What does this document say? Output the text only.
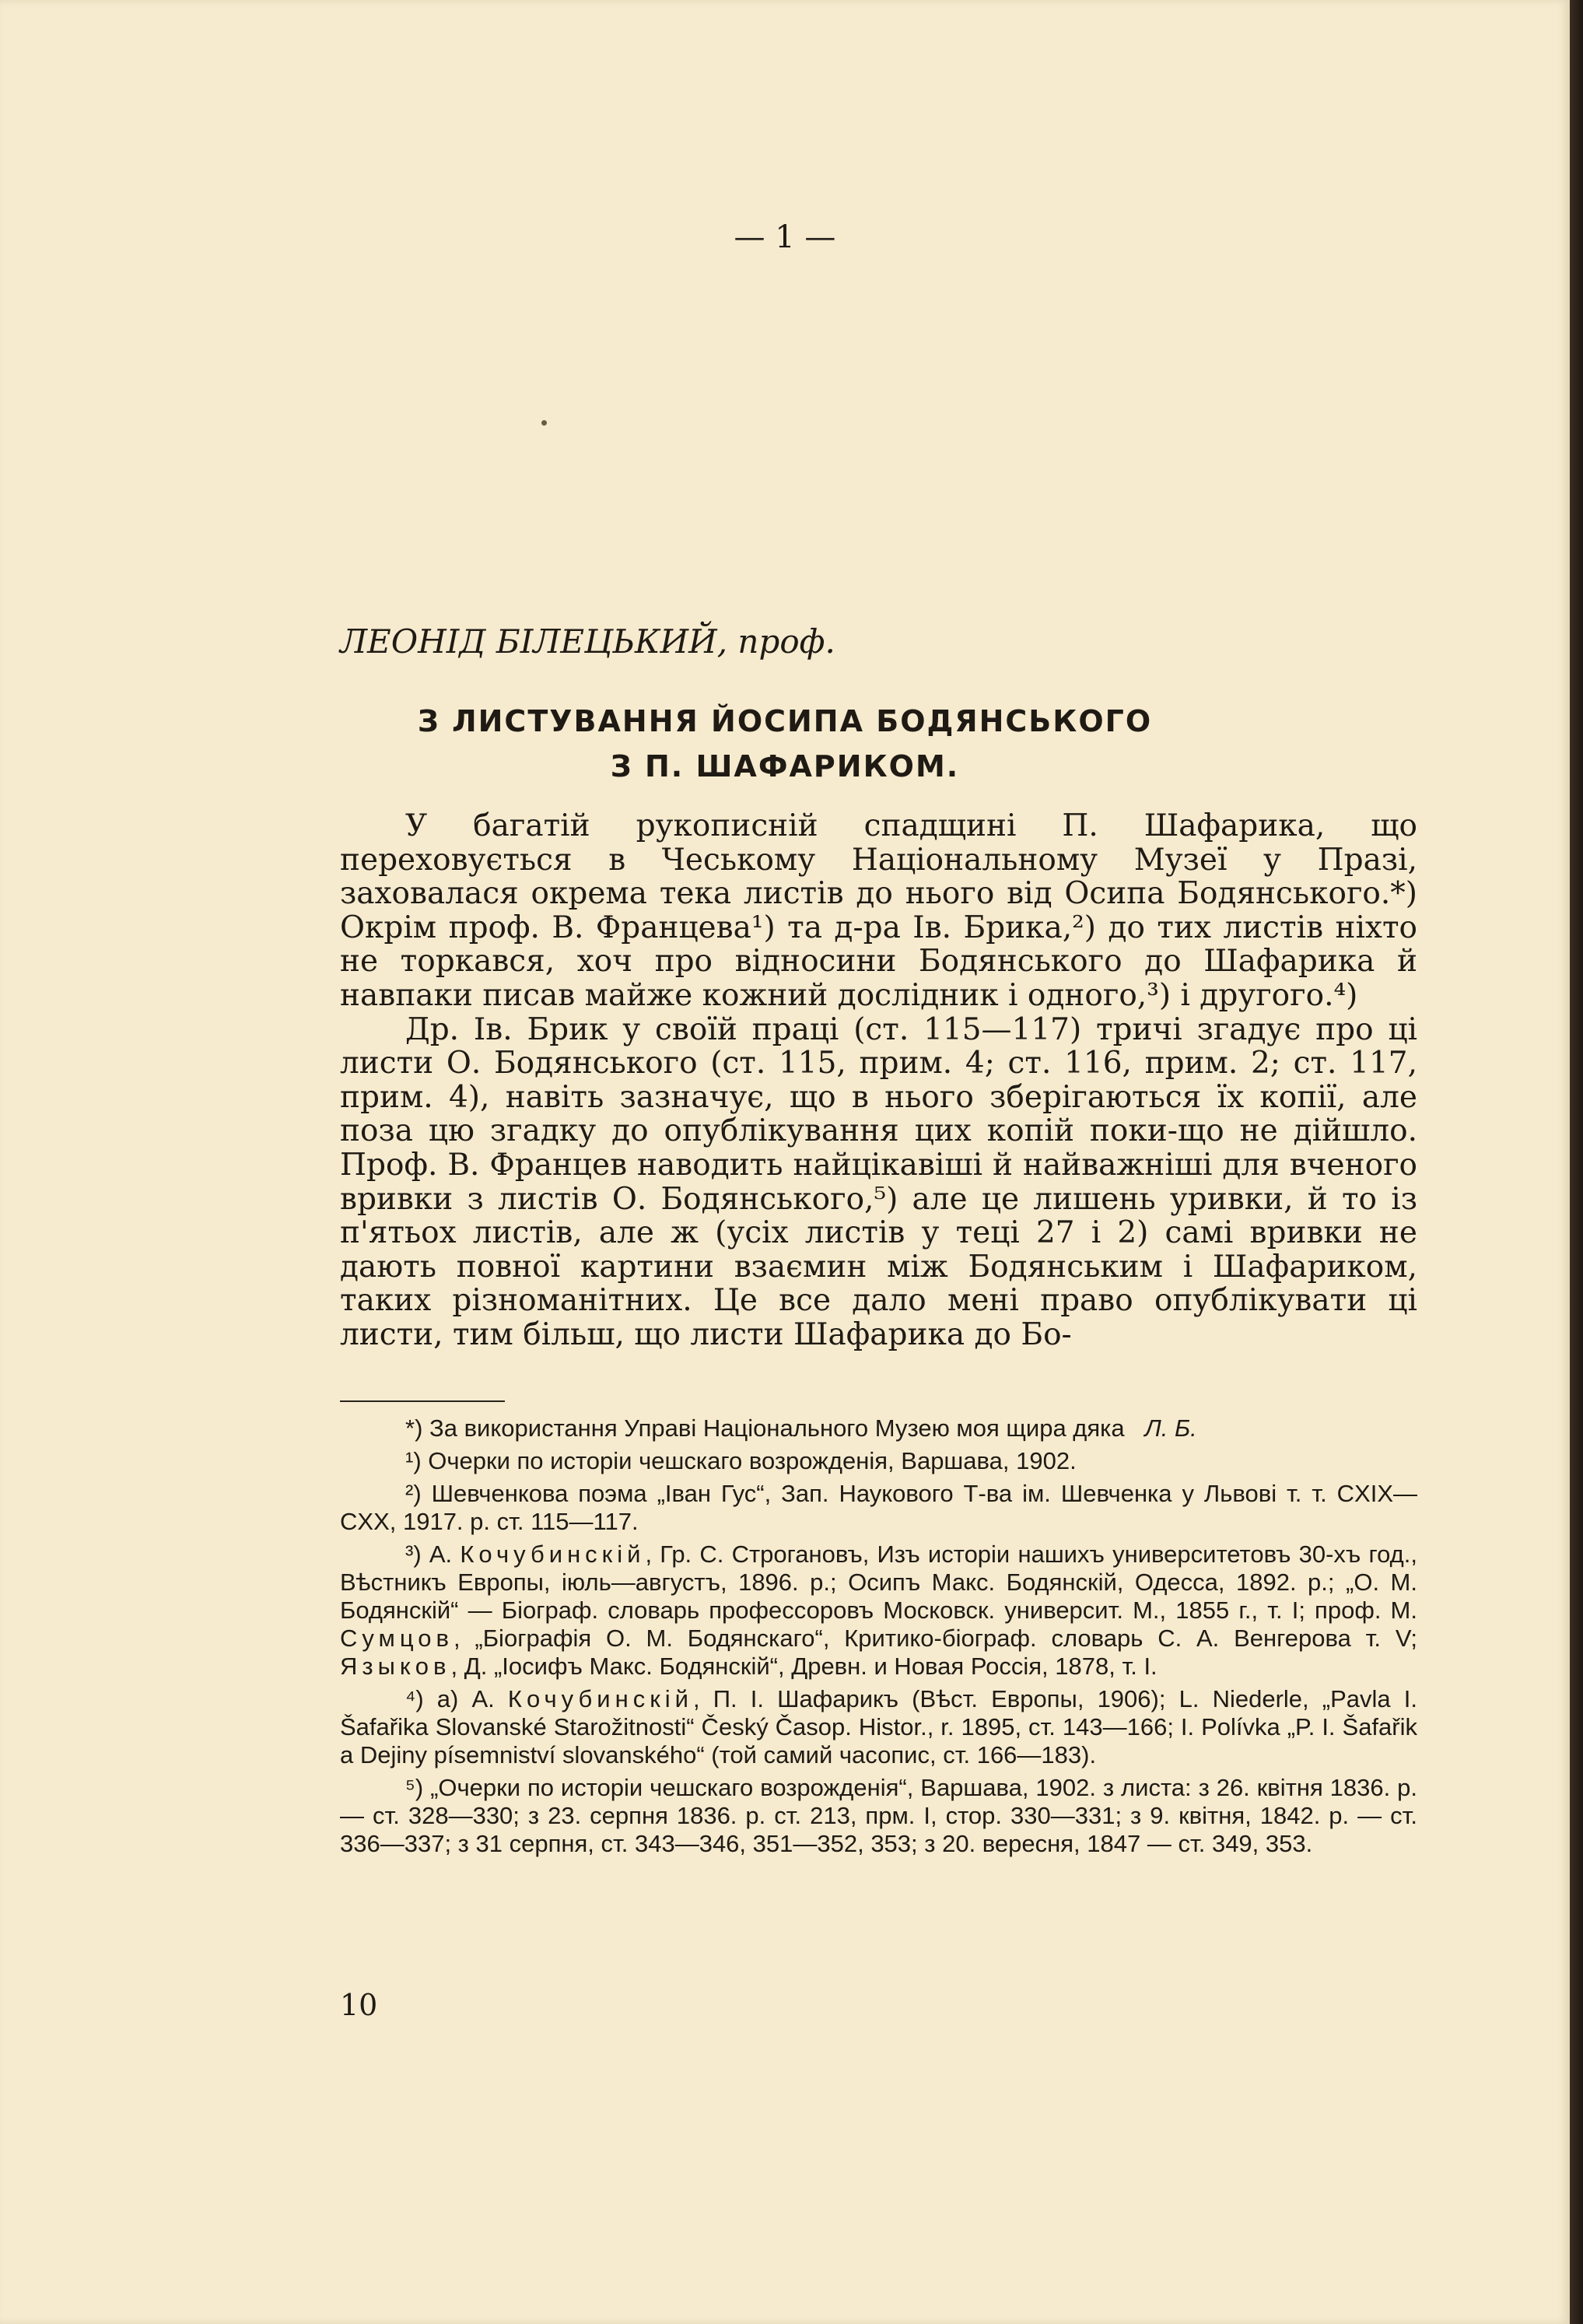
— 1 —
ЛЕОНІД БІЛЕЦЬКИЙ, проф.
З ЛИСТУВАННЯ ЙОСИПА БОДЯНСЬКОГО
З П. ШАФАРИКОМ.

У багатій рукописній спадщині П. Шафарика, що переховується в Чеському Національному Музеї у Празі, заховалася окрема тека листів до нього від Осипа Бодянського.*) Окрім проф. В. Францева¹) та д-ра Ів. Брика,²) до тих листів ніхто не торкався, хоч про відносини Бодянського до Шафарика й навпаки писав майже кожний дослідник і одного,³) і другого.⁴)

Др. Ів. Брик у своїй праці (ст. 115—117) тричі згадує про ці листи О. Бодянського (ст. 115, прим. 4; ст. 116, прим. 2; ст. 117, прим. 4), навіть зазначує, що в нього зберігаються їх копії, але поза цю згадку до опублікування цих копій поки-що не дійшло. Проф. В. Францев наводить найцікавіші й найважніші для вченого вривки з листів О. Бодянського,⁵) але це лишень уривки, й то із п'ятьох листів, але ж (усіх листів у теці 27 і 2) самі вривки не дають повної картини взаємин між Бодянським і Шафариком, таких різноманітних. Це все дало мені право опублікувати ці листи, тим більш, що листи Шафарика до Бо-

*) За використання Управі Національного Музею моя щира дяка Л. Б.

¹) Очерки по исторіи чешскаго возрожденія, Варшава, 1902.

²) Шевченкова поэма „Іван Гус“, Зап. Наукового Т-ва ім. Шевченка у Львові т. т. CXIX—CXX, 1917. р. ст. 115—117.

³) А. Кочубинскій, Гр. С. Строгановъ, Изъ исторіи нашихъ университетовъ 30-хъ год., Вѣстникъ Европы, іюль—августъ, 1896. р.; Осипъ Макс. Бодянскій, Одесса, 1892. р.; „О. М. Бодянскій“ — Біограф. словарь профессоровъ Московск. университ. М., 1855 г., т. І; проф. М. Сумцов, „Біографія О. М. Бодянскаго“, Критико-біограф. словарь С. А. Венгерова т. V; Языков, Д. „Іосифъ Макс. Бодянскій“, Древн. и Новая Россія, 1878, т. I.

⁴) а) А. Кочубинскій, П. І. Шафарикъ (Вѣст. Европы, 1906); L. Niederle, „Pavla I. Šafařika Slovanské Starožitnosti“ Český Časop. Histor., r. 1895, ст. 143—166; I. Polívka „P. I. Šafařik a Dejiny písemniství slovanského“ (той самий часопис, ст. 166—183).

⁵) „Очерки по исторіи чешскаго возрожденія“, Варшава, 1902. з листа: з 26. квітня 1836. р. — ст. 328—330; з 23. серпня 1836. р. ст. 213, прм. I, стор. 330—331; з 9. квітня, 1842. р. — ст. 336—337; з 31 серпня, ст. 343—346, 351—352, 353; з 20. вересня, 1847 — ст. 349, 353.

10
